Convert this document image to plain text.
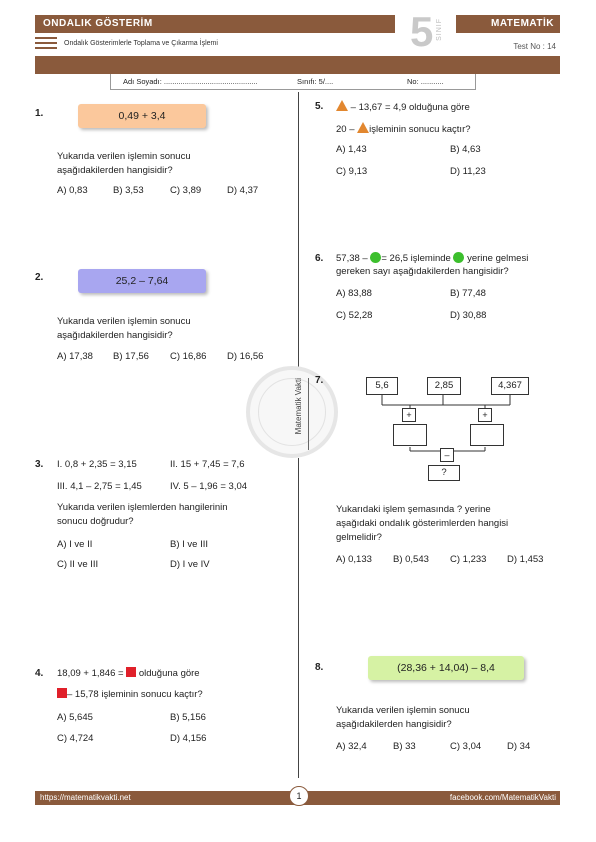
ONDALIK GÖSTERİM	5 SINIF	MATEMATİK
Ondalık Gösterimlerle Toplama ve Çıkarma İşlemi	Test No : 14
Adı Soyadı: .............................................	Sınıfı: 5/....	No: ...........
Matematik Vakti
1.	0,49 + 3,4
Yukarıda verilen işlemin sonucu
aşağıdakilerden hangisidir?
A) 0,83	B) 3,53	C) 3,89	D) 4,37
2.	25,2 – 7,64
Yukarıda verilen işlemin sonucu
aşağıdakilerden hangisidir?
A) 17,38 B) 17,56 C) 16,86 D) 16,56
3. I. 0,8 + 2,35 = 3,15	II. 15 + 7,45 = 7,6
III. 4,1 – 2,75 = 1,45	IV. 5 – 1,96 = 3,04
Yukarıda verilen işlemlerden hangilerinin
sonucu doğrudur?
A) I ve II	B) I ve III
C) II ve III	D) I ve IV
4. 18,09 + 1,846 = olduğuna göre
– 15,78 işleminin sonucu kaçtır?
A) 5,645	B) 5,156
C) 4,724	D) 4,156
5.	– 13,67 = 4,9 olduğuna göre
20 – işleminin sonucu kaçtır?
A) 1,43	B) 4,63
C) 9,13	D) 11,23
6. 57,38 – = 26,5 işleminde yerine gelmesi
gereken sayı aşağıdakilerden hangisidir?
A) 83,88	B) 77,48
C) 52,28	D) 30,88
7.	5,6	2,85	4,367
+	+
–
?
Yukarıdaki işlem şemasında ? yerine
aşağıdaki ondalık gösterimlerden hangisi
gelmelidir?
A) 0,133 B) 0,543 C) 1,233 D) 1,453
8.	(28,36 + 14,04) – 8,4
Yukarıda verilen işlemin sonucu
aşağıdakilerden hangisidir?
A) 32,4	B) 33	C) 3,04	D) 34
https://matematikvakti.net	1	facebook.com/MatematikVakti
